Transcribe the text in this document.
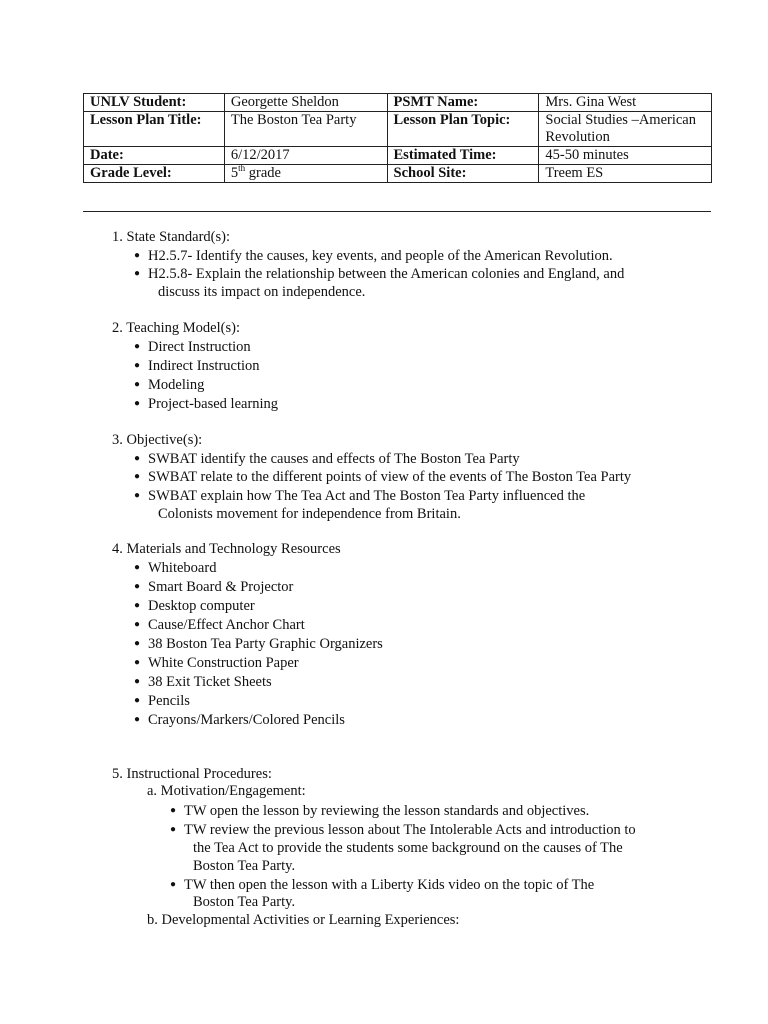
UNLV Student:	Georgette Sheldon	PSMT Name:	Mrs. Gina West
Lesson Plan Title:	The Boston Tea Party	Lesson Plan Topic:	Social Studies –American
Revolution
Date:	6/12/2017	Estimated Time:	45-50 minutes
Grade Level:	5th grade	School Site:	Treem ES
1. State Standard(s):
● H2.5.7- Identify the causes, key events, and people of the American Revolution.
● H2.5.8- Explain the relationship between the American colonies and England, and
discuss its impact on independence.
2. Teaching Model(s):
● Direct Instruction
● Indirect Instruction
● Modeling
● Project-based learning
3. Objective(s):
● SWBAT identify the causes and effects of The Boston Tea Party
● SWBAT relate to the different points of view of the events of The Boston Tea Party
● SWBAT explain how The Tea Act and The Boston Tea Party influenced the
Colonists movement for independence from Britain.
4. Materials and Technology Resources
● Whiteboard
● Smart Board & Projector
● Desktop computer
● Cause/Effect Anchor Chart
● 38 Boston Tea Party Graphic Organizers
● White Construction Paper
● 38 Exit Ticket Sheets
● Pencils
● Crayons/Markers/Colored Pencils
5. Instructional Procedures:
a. Motivation/Engagement:
● TW open the lesson by reviewing the lesson standards and objectives.
● TW review the previous lesson about The Intolerable Acts and introduction to
the Tea Act to provide the students some background on the causes of The
Boston Tea Party.
● TW then open the lesson with a Liberty Kids video on the topic of The
Boston Tea Party.
b. Developmental Activities or Learning Experiences:
